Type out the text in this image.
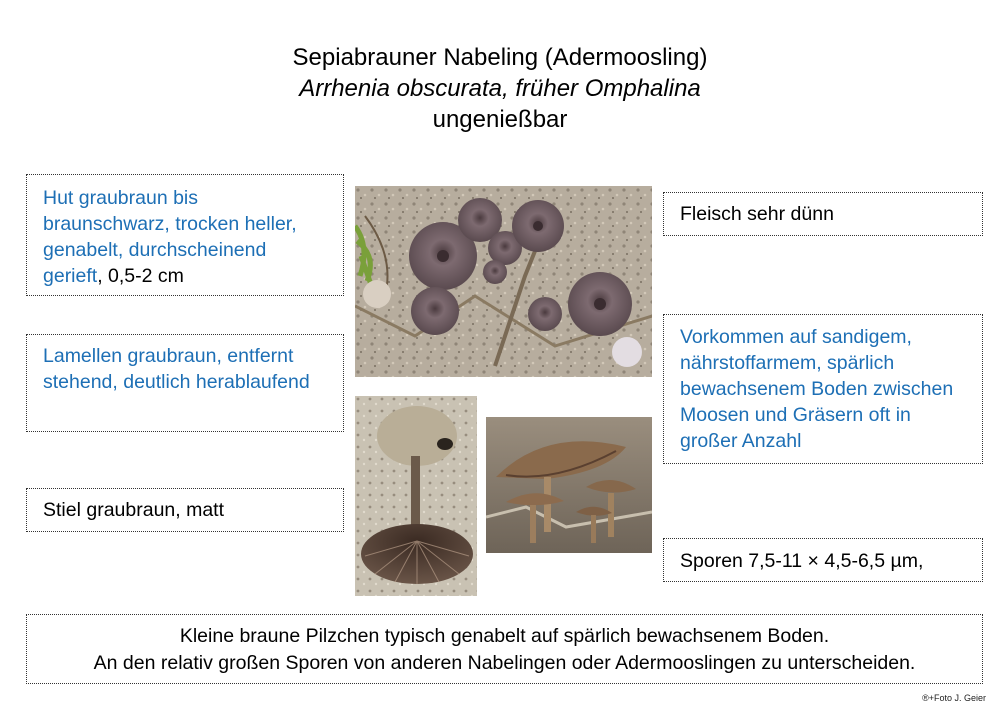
Sepiabrauner Nabeling (Adermoosling)
Arrhenia obscurata, früher Omphalina
ungenießbar
Hut graubraun bis braunschwarz, trocken heller, genabelt, durchscheinend gerieft, 0,5-2 cm
Lamellen graubraun, entfernt stehend, deutlich herablaufend
Stiel graubraun, matt
Fleisch sehr dünn
Vorkommen auf sandigem, nährstoffarmem, spärlich bewachsenem Boden zwischen Moosen und Gräsern oft in großer Anzahl
Sporen 7,5-11 × 4,5-6,5 µm,
Kleine braune Pilzchen typisch genabelt auf spärlich bewachsenem Boden.
An den relativ großen Sporen von anderen Nabelingen oder Adermooslingen zu unterscheiden.
®+Foto J. Geier
